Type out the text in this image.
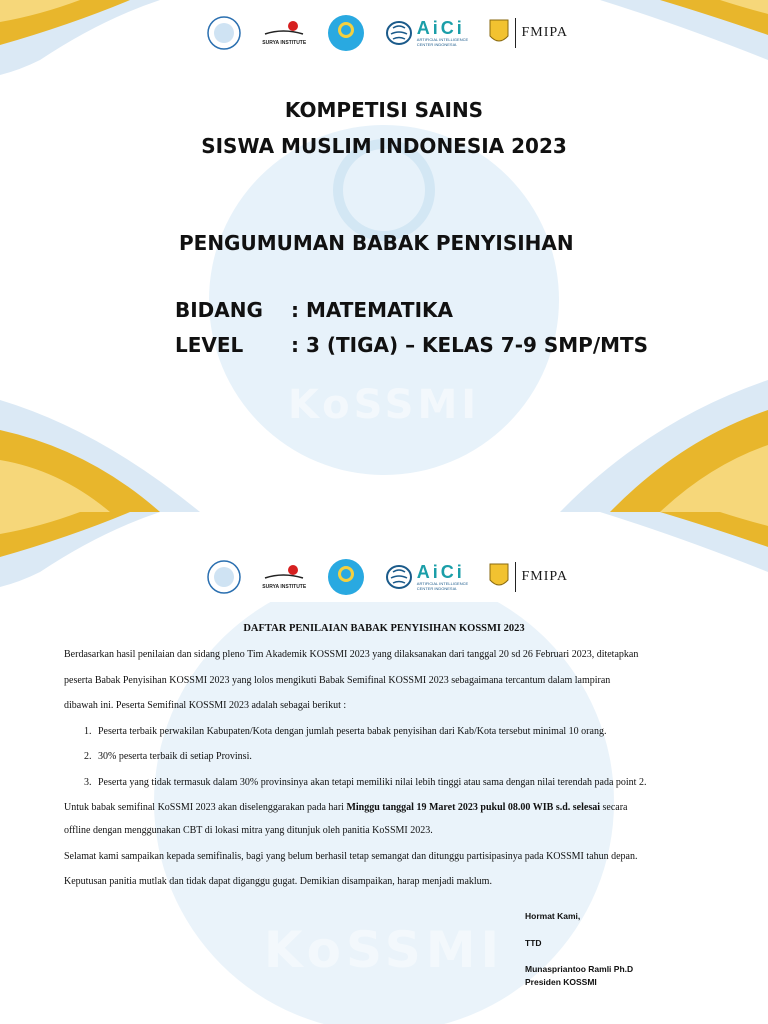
KoSSMI
SURYA INSTITUTE
AiCi
ARTIFICIAL INTELLIGENCE
CENTER INDONESIA
FMIPA
KOMPETISI SAINS
SISWA MUSLIM INDONESIA 2023
PENGUMUMAN BABAK PENYISIHAN
BIDANG	: MATEMATIKA
LEVEL	: 3 (TIGA) – KELAS 7-9 SMP/MTS
KoSSMI
SURYA INSTITUTE
AiCi
ARTIFICIAL INTELLIGENCE
CENTER INDONESIA
FMIPA
DAFTAR PENILAIAN BABAK PENYISIHAN KOSSMI 2023

Berdasarkan hasil penilaian dan sidang pleno Tim Akademik KOSSMI 2023 yang dilaksanakan dari tanggal 20 sd 26 Februari 2023, ditetapkan

peserta Babak Penyisihan KOSSMI 2023 yang lolos mengikuti Babak Semifinal KOSSMI 2023 sebagaimana tercantum dalam lampiran

dibawah ini. Peserta Semifinal KOSSMI 2023 adalah sebagai berikut :

1. Peserta terbaik perwakilan Kabupaten/Kota dengan jumlah peserta babak penyisihan dari Kab/Kota tersebut minimal 10 orang.
2. 30% peserta terbaik di setiap Provinsi.
3. Peserta yang tidak termasuk dalam 30% provinsinya akan tetapi memiliki nilai lebih tinggi atau sama dengan nilai terendah pada point 2.

Untuk babak semifinal KoSSMI 2023 akan diselenggarakan pada hari Minggu tanggal 19 Maret 2023 pukul 08.00 WIB s.d. selesai secara

offline dengan menggunakan CBT di lokasi mitra yang ditunjuk oleh panitia KoSSMI 2023.

Selamat kami sampaikan kepada semifinalis, bagi yang belum berhasil tetap semangat dan ditunggu partisipasinya pada KOSSMI tahun depan.

Keputusan panitia mutlak dan tidak dapat diganggu gugat. Demikian disampaikan, harap menjadi maklum.

Hormat Kami,
TTD
Munaspriantoo Ramli Ph.D
Presiden KOSSMI
